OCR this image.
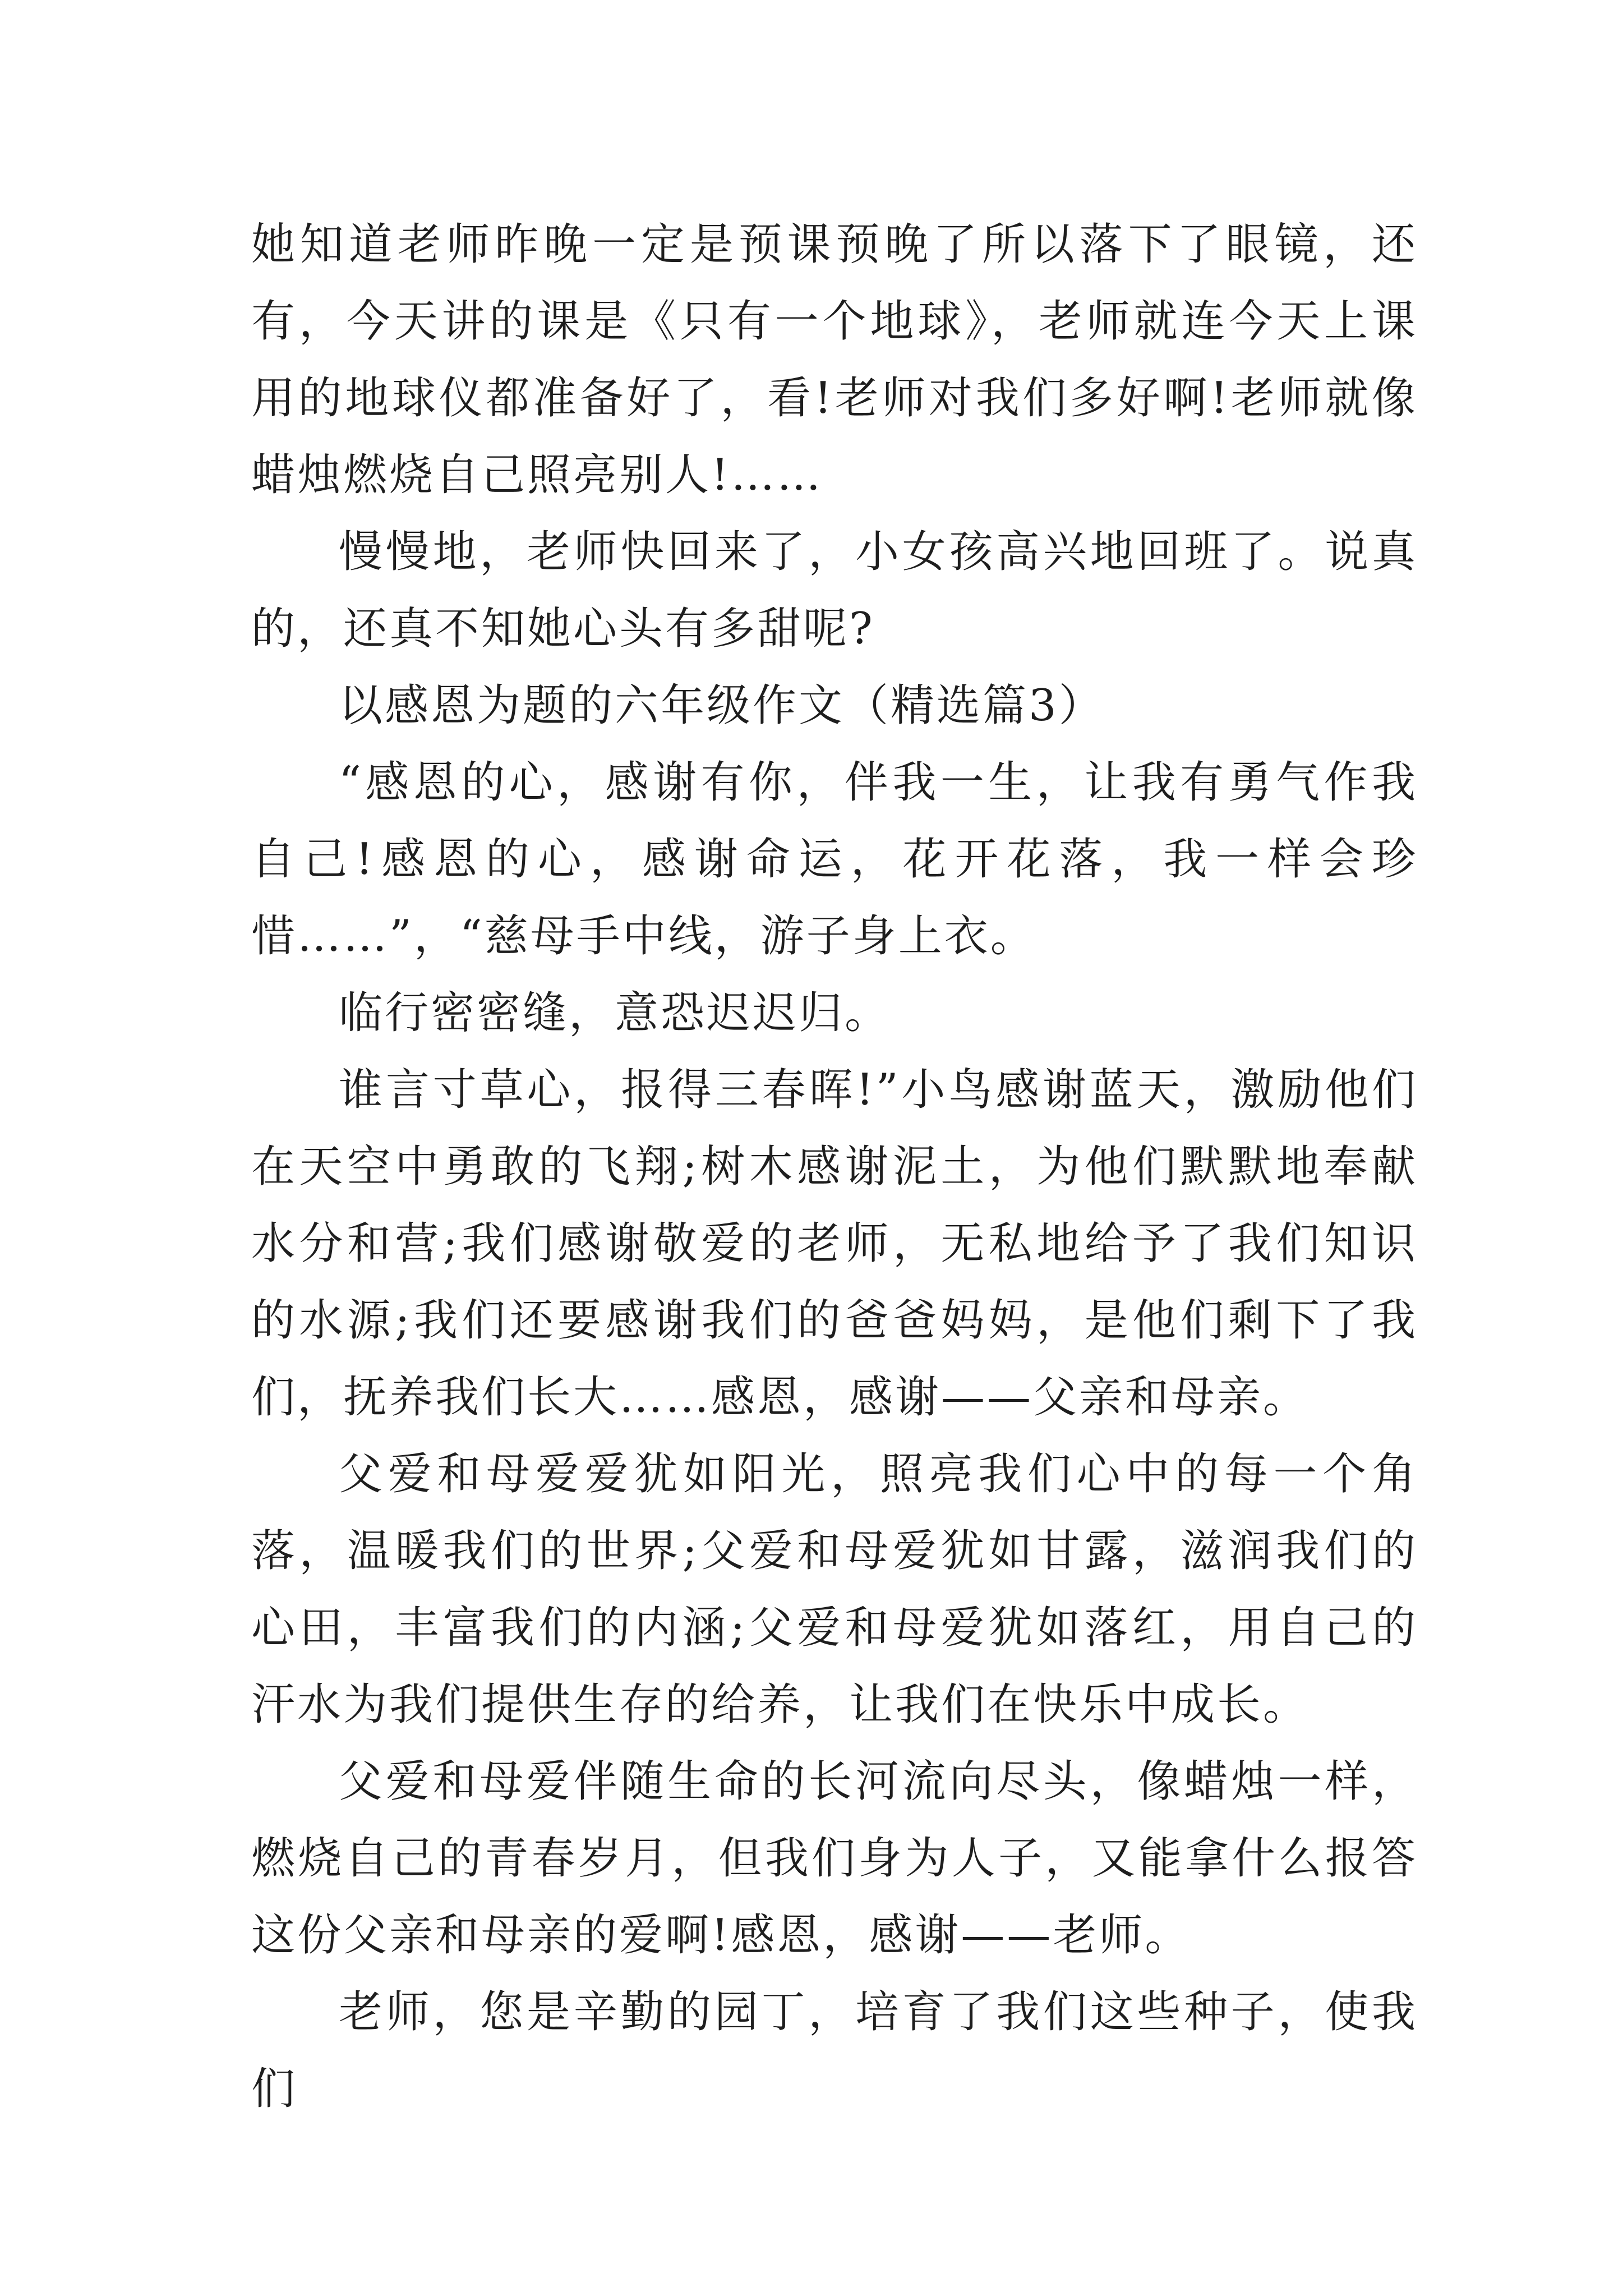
她知道老师昨晚一定是预课预晚了所以落下了眼镜，还有，今天讲的课是《只有一个地球》，老师就连今天上课用的地球仪都准备好了，看!老师对我们多好啊!老师就像蜡烛燃烧自己照亮别人!……

慢慢地，老师快回来了，小女孩高兴地回班了。说真的，还真不知她心头有多甜呢?

以感恩为题的六年级作文（精选篇3）

“感恩的心，感谢有你，伴我一生，让我有勇气作我自己!感恩的心，感谢命运，花开花落，我一样会珍惜……”，“慈母手中线，游子身上衣。

临行密密缝，意恐迟迟归。

谁言寸草心，报得三春晖!”小鸟感谢蓝天，激励他们在天空中勇敢的飞翔;树木感谢泥土，为他们默默地奉献水分和营;我们感谢敬爱的老师，无私地给予了我们知识的水源;我们还要感谢我们的爸爸妈妈，是他们剩下了我们，抚养我们长大……感恩，感谢——父亲和母亲。

父爱和母爱爱犹如阳光，照亮我们心中的每一个角落，温暖我们的世界;父爱和母爱犹如甘露，滋润我们的心田，丰富我们的内涵;父爱和母爱犹如落红，用自己的汗水为我们提供生存的给养，让我们在快乐中成长。

父爱和母爱伴随生命的长河流向尽头，像蜡烛一样，燃烧自己的青春岁月，但我们身为人子，又能拿什么报答这份父亲和母亲的爱啊!感恩，感谢——老师。

老师，您是辛勤的园丁，培育了我们这些种子，使我们
